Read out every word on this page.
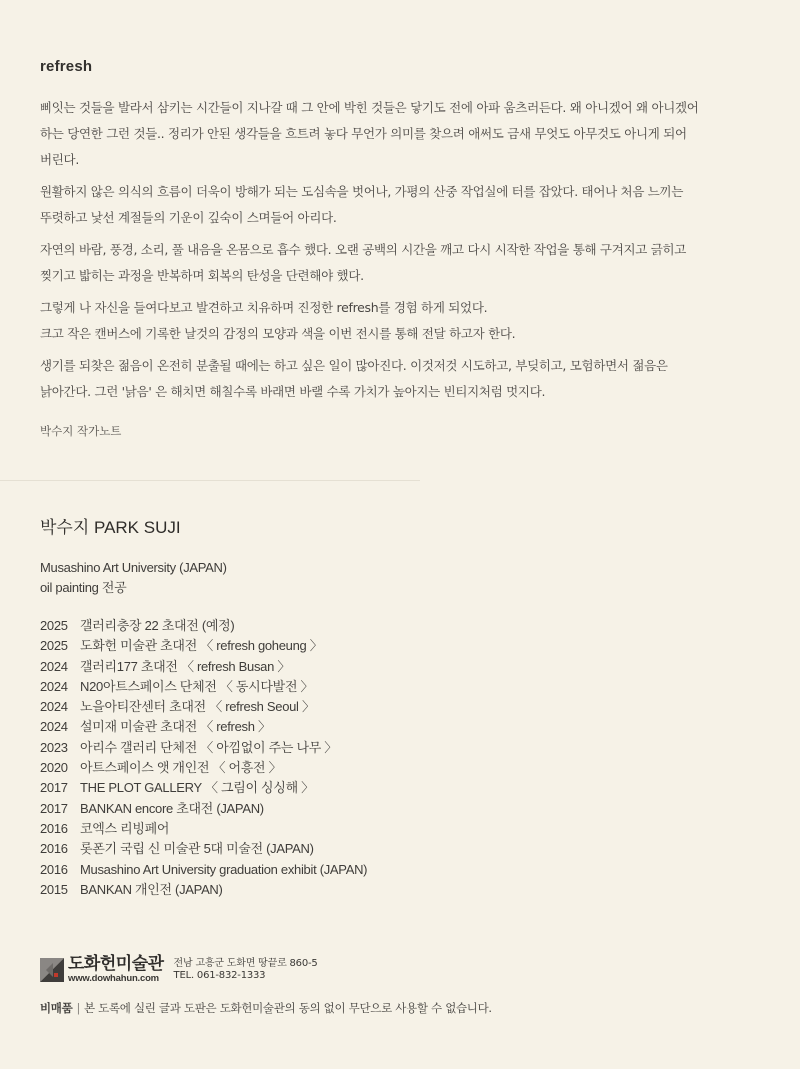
refresh

삐잇는 것들을 발라서 삼키는 시간들이 지나갈 때 그 안에 박힌 것들은 닿기도 전에 아파 움츠러든다. 왜 아니겠어 왜 아니겠어
하는 당연한 그런 것들.. 정리가 안된 생각들을 흐트려 놓다 무언가 의미를 찾으려 애써도 금새 무엇도 아무것도 아니게 되어
버린다.

원활하지 않은 의식의 흐름이 더욱이 방해가 되는 도심속을 벗어나, 가평의 산중 작업실에 터를 잡았다. 태어나 처음 느끼는
뚜렷하고 낯선 계절들의 기운이 깊숙이 스며들어 아리다.

자연의 바람, 풍경, 소리, 풀 내음을 온몸으로 흡수 했다. 오랜 공백의 시간을 깨고 다시 시작한 작업을 통해 구겨지고 긁히고
찢기고 밟히는 과정을 반복하며 회복의 탄성을 단련해야 했다.

그렇게 나 자신을 들여다보고 발견하고 치유하며 진정한 refresh를 경험 하게 되었다.
크고 작은 캔버스에 기록한 날것의 감정의 모양과 색을 이번 전시를 통해 전달 하고자 한다.

생기를 되찾은 젊음이 온전히 분출될 때에는 하고 싶은 일이 많아진다. 이것저것 시도하고, 부딪히고, 모험하면서 젊음은
낡아간다. 그런 '낡음' 은 해치면 해칠수록 바래면 바랠 수록 가치가 높아지는 빈티지처럼 멋지다.

박수지 작가노트
박수지 PARK SUJI
Musashino Art University (JAPAN)
oil painting 전공
2025 갤러리충장 22 초대전 (예정)
2025 도화헌 미술관 초대전 〈 refresh goheung 〉
2024 갤러리177 초대전 〈 refresh Busan 〉
2024 N20아트스페이스 단체전 〈 동시다발전 〉
2024 노을아티잔센터 초대전 〈 refresh Seoul 〉
2024 설미재 미술관 초대전 〈 refresh 〉
2023 아리수 갤러리 단체전 〈 아낌없이 주는 나무 〉
2020 아트스페이스 앳 개인전 〈 어흥전 〉
2017 THE PLOT GALLERY 〈 그림이 싱싱해 〉
2017 BANKAN encore 초대전 (JAPAN)
2016 코엑스 리빙페어
2016 롯폰기 국립 신 미술관 5대 미술전 (JAPAN)
2016 Musashino Art University graduation exhibit (JAPAN)
2015 BANKAN 개인전 (JAPAN)
도화헌미술관
www.dowhahun.com
전남 고흥군 도화면 땅끝로 860-5
TEL. 061-832-1333
비매품 | 본 도록에 실린 글과 도판은 도화헌미술관의 동의 없이 무단으로 사용할 수 없습니다.
